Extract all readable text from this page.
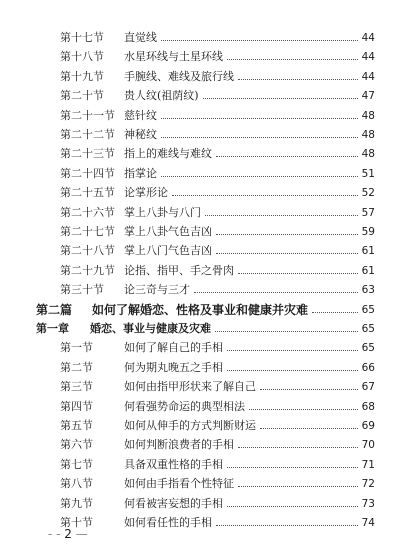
第十七节 直觉线	44
第十八节 水星环线与土星环线	44
第十九节 手腕线、难线及旅行线	44
第二十节 贵人纹(祖荫纹)	47
第二十一节 慈针纹	48
第二十二节 神秘纹	48
第二十三节 指上的难线与难纹	48
第二十四节 指掌论	51
第二十五节 论掌形论	52
第二十六节 掌上八卦与八门	57
第二十七节 掌上八卦气色吉凶	59
第二十八节 掌上八门气色吉凶	61
第二十九节 论指、指甲、手之骨肉	61
第三十节 论三奇与三才	63
第二篇 如何了解婚恋、性格及事业和健康并灾难	65
第一章 婚恋、事业与健康及灾难	65
第一节	如何了解自己的手相	65
第二节	何为期丸晚五之手相	66
第三节	如何由指甲形状来了解自己	67
第四节	何看强势命运的典型相法	68
第五节	如何从伸手的方式判断财运	69
第六节	如何判断浪费者的手相	70
第七节	具备双重性格的手相	71
第八节	如何由手指看个性特征	72
第九节	何看被害妄想的手相	73
第十节	如何看任性的手相	74
- - 2 —
